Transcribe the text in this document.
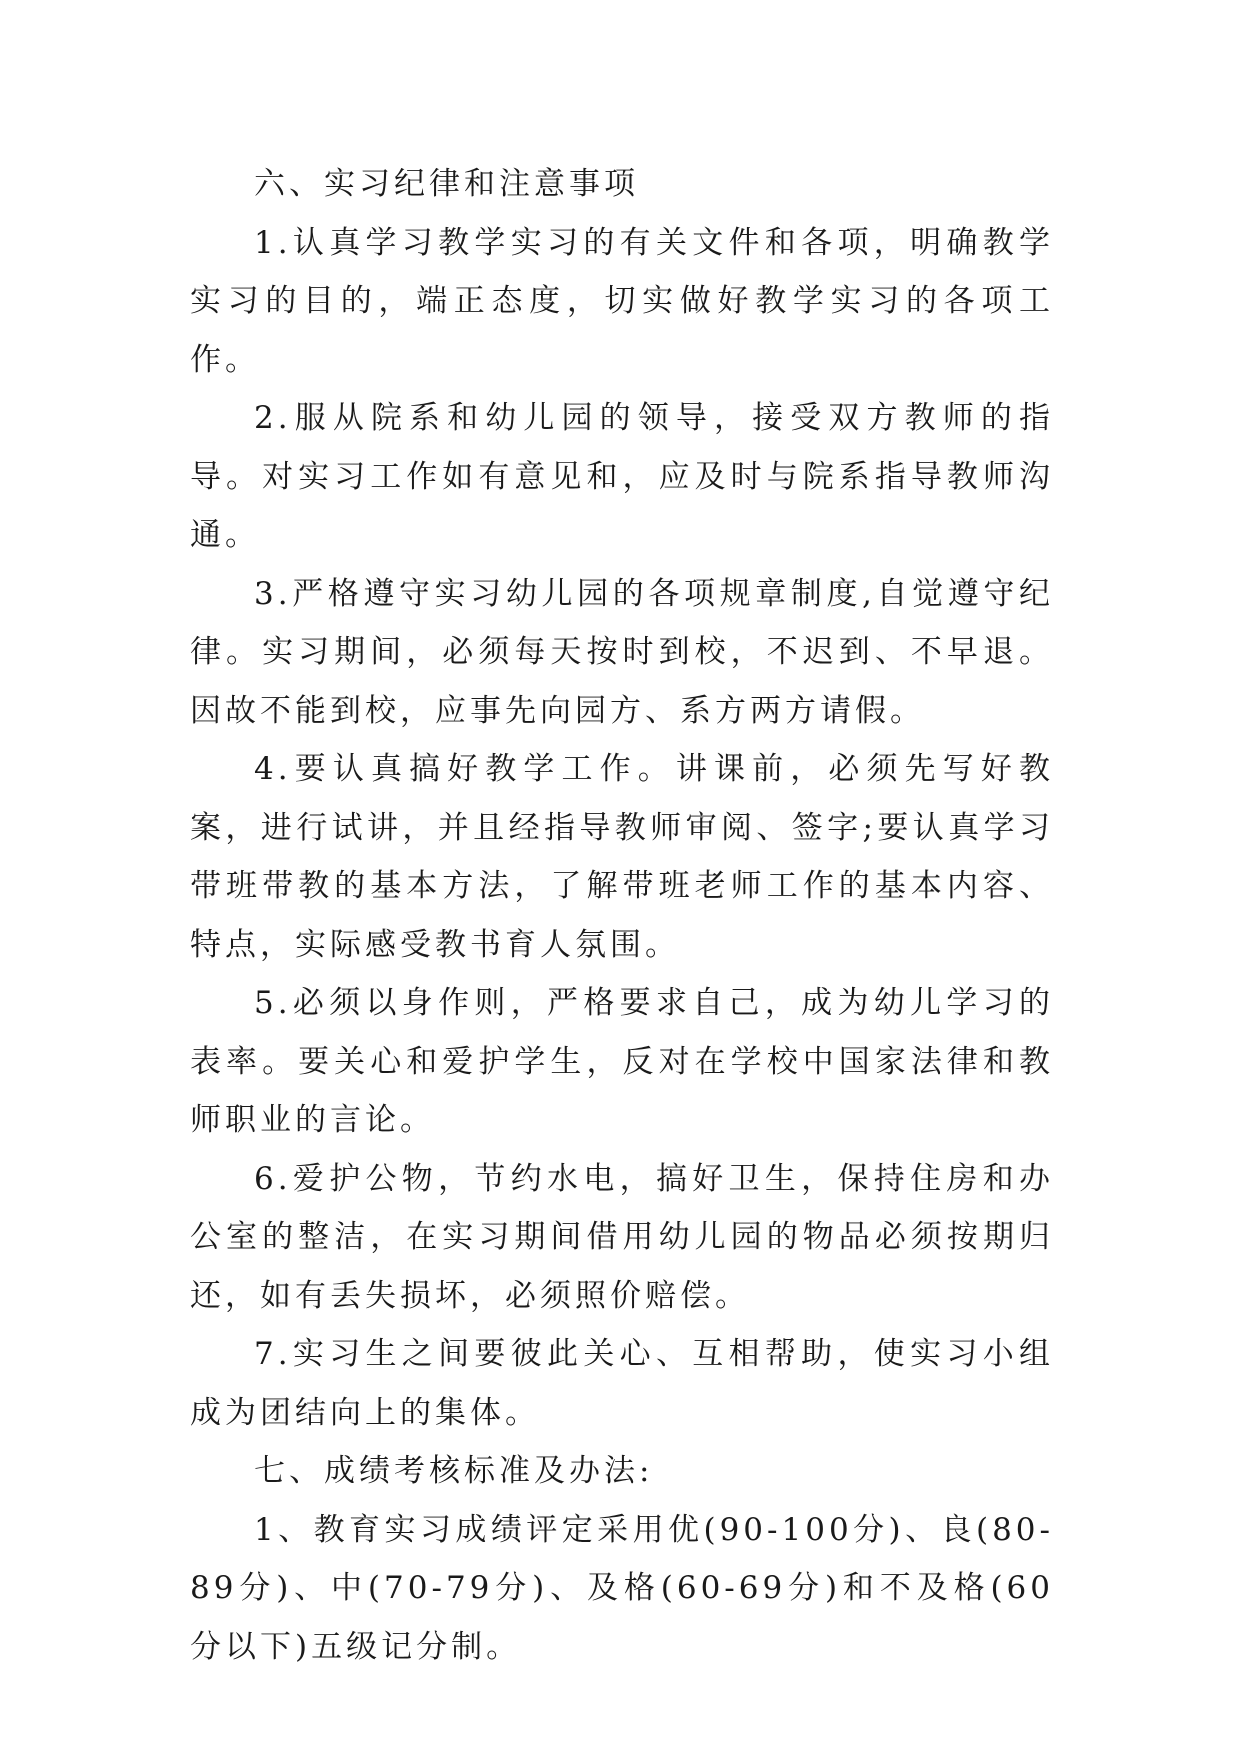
六、实习纪律和注意事项

1.认真学习教学实习的有关文件和各项，明确教学实习的目的，端正态度，切实做好教学实习的各项工作。

2.服从院系和幼儿园的领导，接受双方教师的指导。对实习工作如有意见和，应及时与院系指导教师沟通。

3.严格遵守实习幼儿园的各项规章制度,自觉遵守纪律。实习期间，必须每天按时到校，不迟到、不早退。因故不能到校，应事先向园方、系方两方请假。

4.要认真搞好教学工作。讲课前，必须先写好教案，进行试讲，并且经指导教师审阅、签字;要认真学习带班带教的基本方法，了解带班老师工作的基本内容、特点，实际感受教书育人氛围。

5.必须以身作则，严格要求自己，成为幼儿学习的表率。要关心和爱护学生，反对在学校中国家法律和教师职业的言论。

6.爱护公物，节约水电，搞好卫生，保持住房和办公室的整洁，在实习期间借用幼儿园的物品必须按期归还，如有丢失损坏，必须照价赔偿。

7.实习生之间要彼此关心、互相帮助，使实习小组成为团结向上的集体。

七、成绩考核标准及办法:

1、教育实习成绩评定采用优(90-100分)、良(80-89分)、中(70-79分)、及格(60-69分)和不及格(60分以下)五级记分制。
